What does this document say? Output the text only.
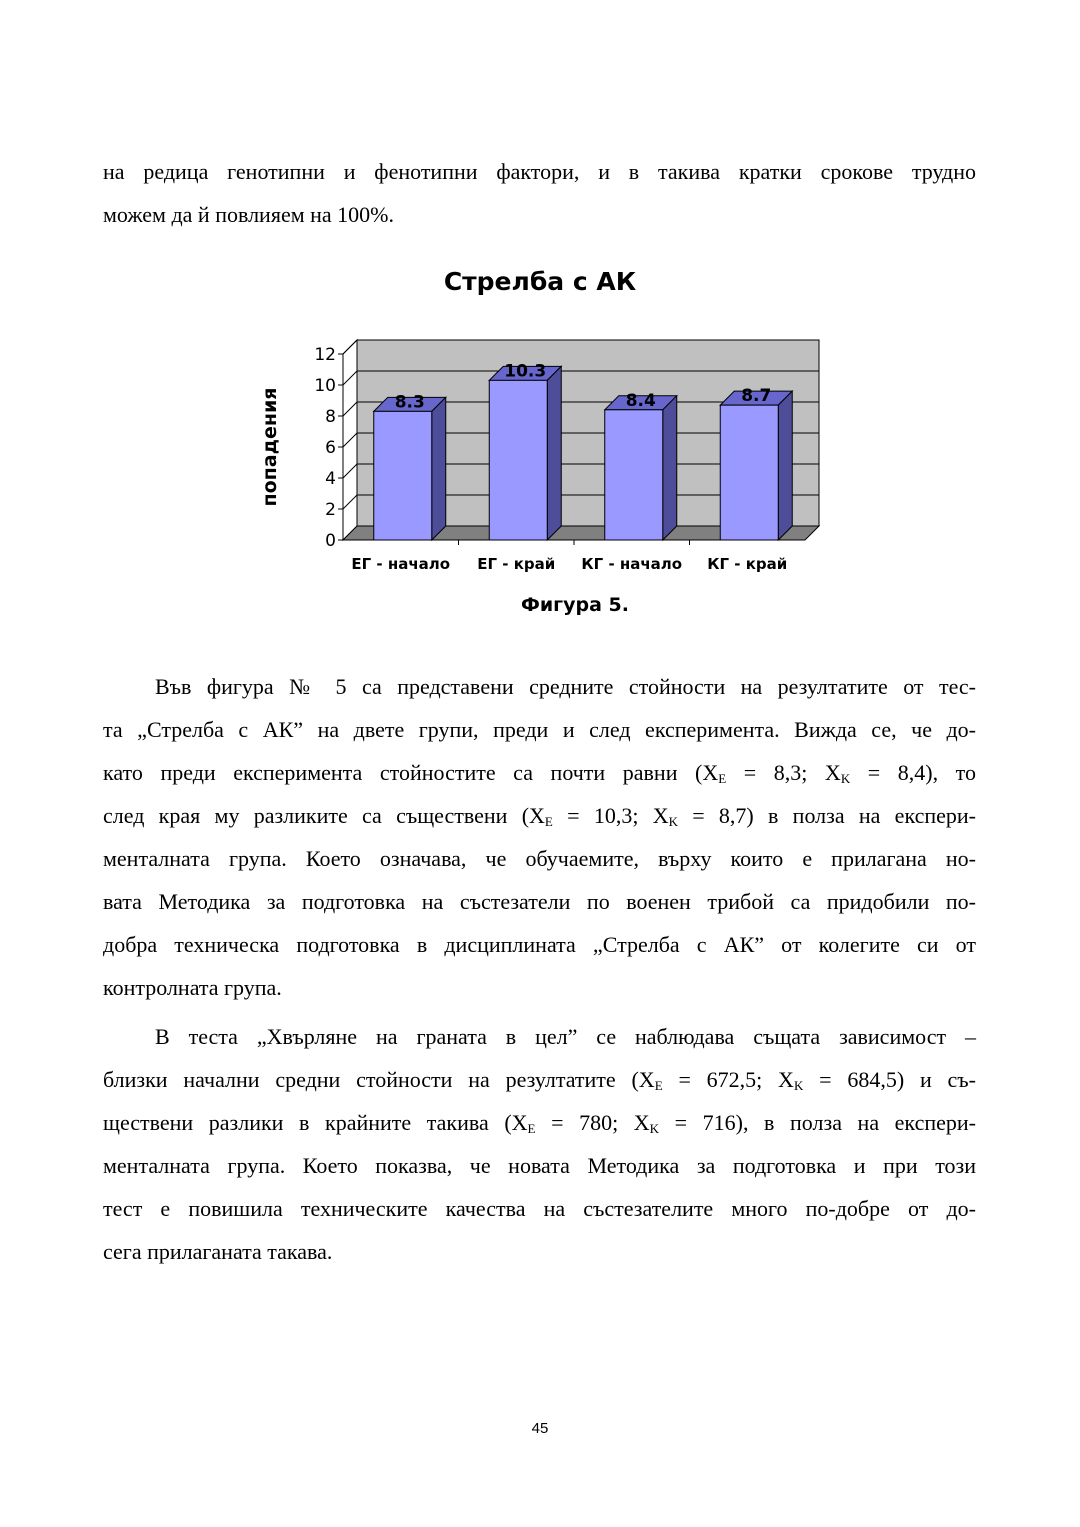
на редица генотипни и фенотипни фактори, и в такива кратки срокове трудно
можем да й повлияем на 100%.
Стрелба с АК
0
2
4
6
8
10
12
попадения	8.3
ЕГ - начало
10.3
ЕГ - край
8.4
КГ - начало
8.7
КГ - край
Фигура 5.
Във фигура № 5 са представени средните стойности на резултатите от тес-
та „Стрелба с АК” на двете групи, преди и след експеримента. Вижда се, че до-
като преди експеримента стойностите са почти равни ($X_E = 8,3$; $X_K = 8,4$), то
след края му разликите са съществени ($X_E = 10,3$; $X_K = 8,7$) в полза на експери-
менталната група. Което означава, че обучаемите, върху които е прилагана но-
вата Методика за подготовка на състезатели по военен трибой са придобили по-
добра техническа подготовка в дисциплината „Стрелба с АК” от колегите си от
контролната група.
В теста „Хвърляне на граната в цел” се наблюдава същата зависимост –
близки начални средни стойности на резултатите ($X_E = 672,5$; $X_K = 684,5$) и съ-
ществени разлики в крайните такива ($X_E = 780$; $X_K = 716$), в полза на експери-
менталната група. Което показва, че новата Методика за подготовка и при този
тест е повишила техническите качества на състезателите много по-добре от до-
сега прилаганата такава.
45
